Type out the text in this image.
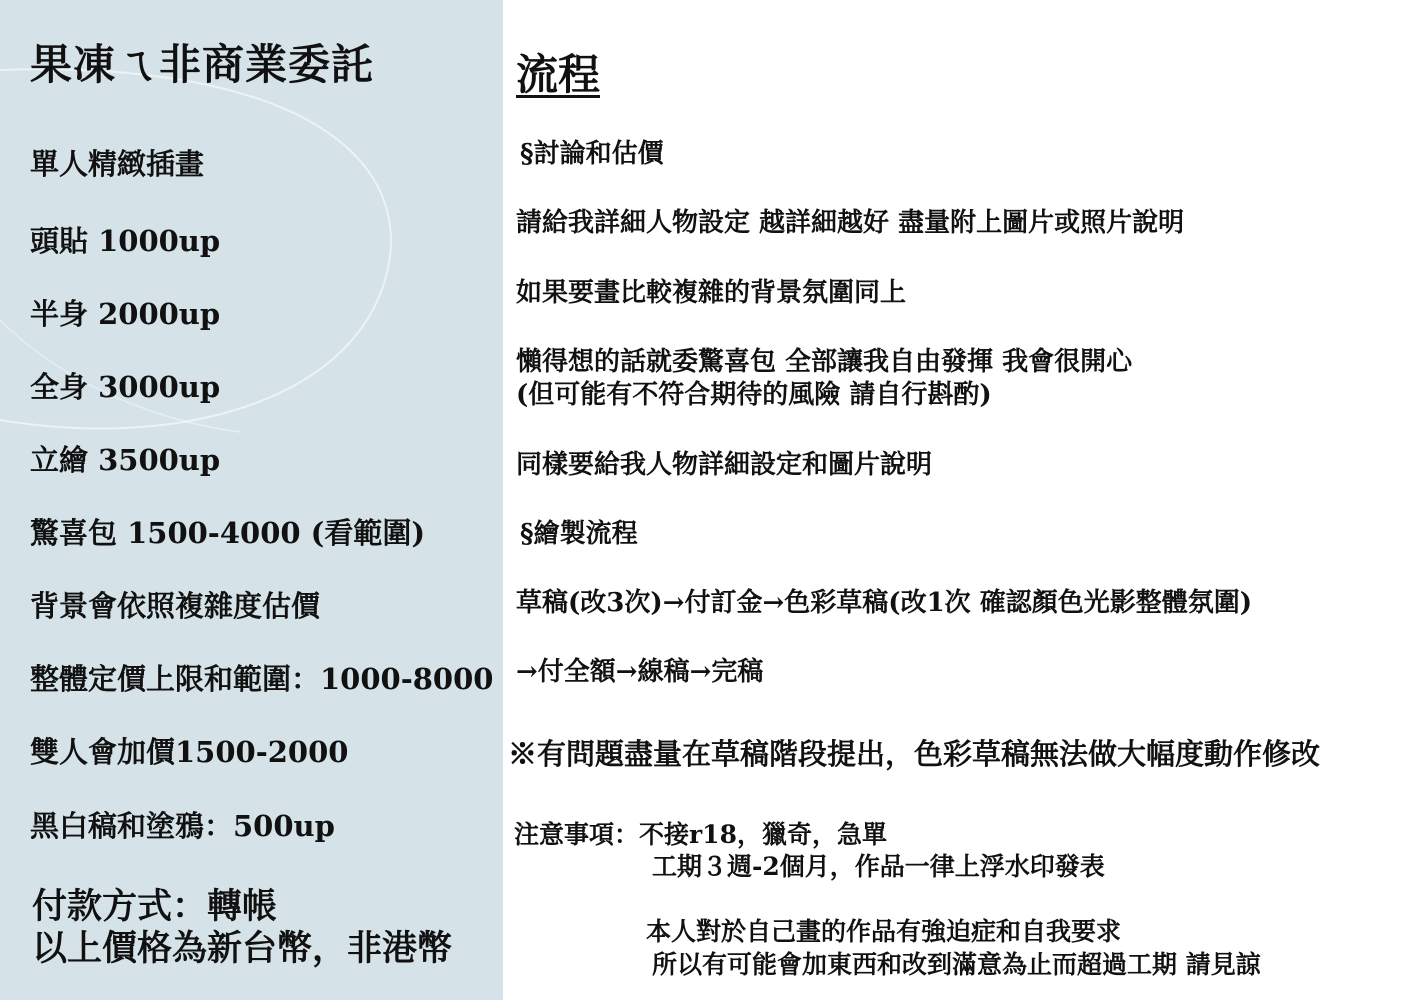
果凍ㄟ非商業委託
單人精緻插畫
頭貼 1000up
半身 2000up
全身 3000up
立繪 3500up
驚喜包 1500-4000 (看範圍)
背景會依照複雜度估價
整體定價上限和範圍：1000-8000
雙人會加價1500-2000
黑白稿和塗鴉：500up
付款方式：轉帳
以上價格為新台幣，非港幣
流程
§討論和估價
請給我詳細人物設定 越詳細越好 盡量附上圖片或照片說明
如果要畫比較複雜的背景氛圍同上
懶得想的話就委驚喜包 全部讓我自由發揮 我會很開心
(但可能有不符合期待的風險 請自行斟酌)
同樣要給我人物詳細設定和圖片說明
§繪製流程
草稿(改3次)→付訂金→色彩草稿(改1次 確認顏色光影整體氛圍)
→付全額→線稿→完稿
※有問題盡量在草稿階段提出，色彩草稿無法做大幅度動作修改
注意事項：不接r18，獵奇，急單
工期３週-2個月，作品一律上浮水印發表
本人對於自己畫的作品有強迫症和自我要求
所以有可能會加東西和改到滿意為止而超過工期 請見諒
